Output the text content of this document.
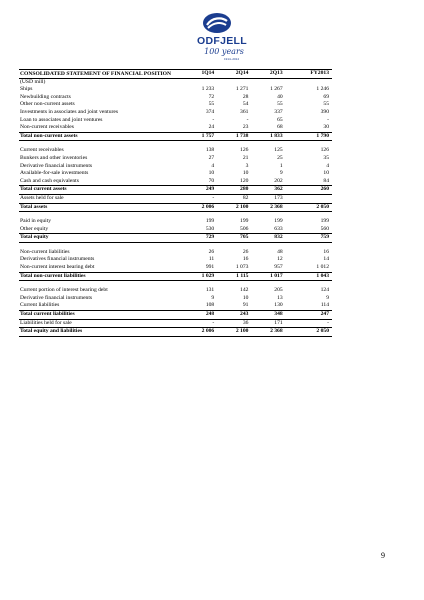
ODFJELL
100 years
1914–2014
CONSOLIDATED STATEMENT OF FINANCIAL POSITION	1Q14	2Q14	2Q13	FY2013
(USD mill)				
Ships	1 233	1 271	1 267	1 246
Newbuilding contracts	72	28	40	69
Other non-current assets	55	54	55	55
Investments in associates and joint ventures	374	361	337	390
Loan to associates and joint ventures	-	-	65	-
Non-current receivables	24	23	68	30
Total non-current assets	1 757	1 738	1 833	1 790

Current receivables	138	126	125	126
Bunkers and other inventories	27	21	25	35
Derivative financial instruments	4	3	1	4
Available-for-sale investments	10	10	9	10
Cash and cash equivalents	70	120	202	84
Total current assets	249	280	362	260
Assets held for sale	-	82	173	
Total assets	2 006	2 100	2 368	2 050

Paid in equity	199	199	199	199
Other equity	530	506	633	560
Total equity	729	705	832	759

Non-current liabilities	26	26	48	16
Derivatives financial instruments	11	16	12	14
Non-current interest bearing debt	991	1 073	957	1 012
Total non-current liabilities	1 029	1 115	1 017	1 043

Current portion of interest bearing debt	131	142	205	124
Derivative financial instruments	9	10	13	9
Current liabilities	108	91	130	114
Total current liabilities	248	243	348	247
Liabilities held for sale	-	36	171	-
Total equity and liabilities	2 006	2 100	2 368	2 050
9
